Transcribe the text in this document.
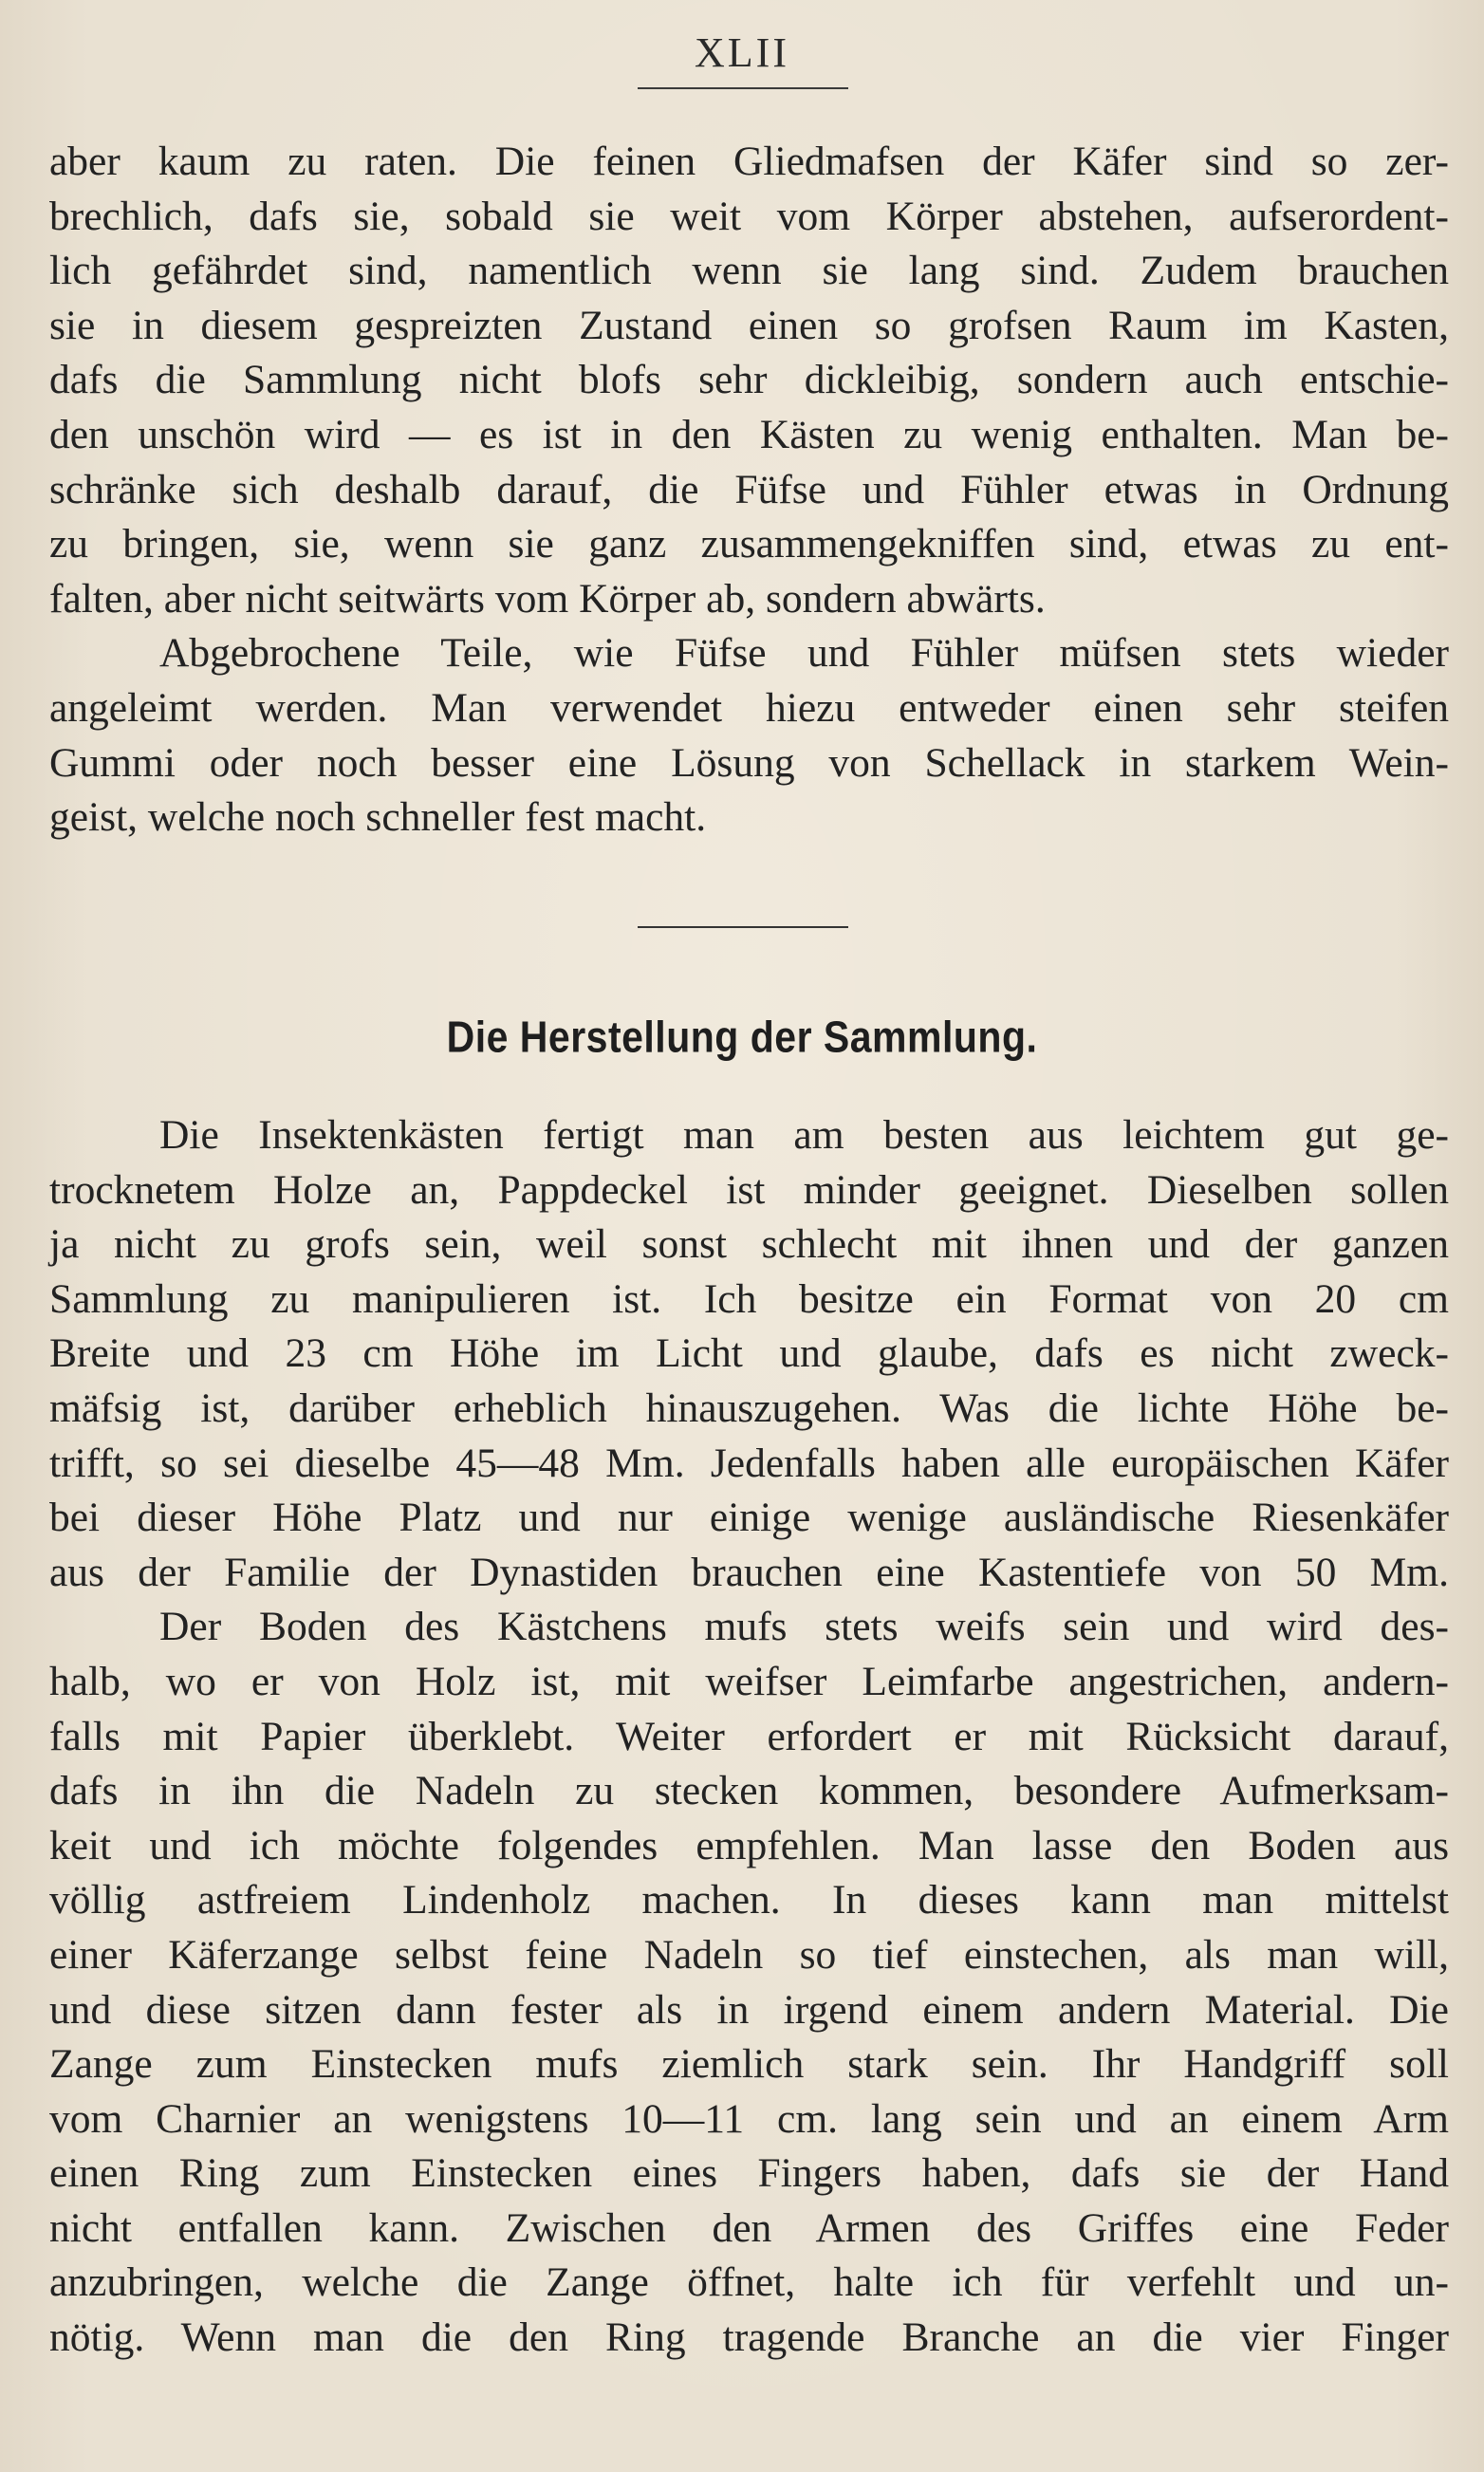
XLII
aber kaum zu raten. Die feinen Gliedmafsen der Käfer sind so zer-
brechlich, dafs sie, sobald sie weit vom Körper abstehen, aufserordent-
lich gefährdet sind, namentlich wenn sie lang sind. Zudem brauchen
sie in diesem gespreizten Zustand einen so grofsen Raum im Kasten,
dafs die Sammlung nicht blofs sehr dickleibig, sondern auch entschie-
den unschön wird — es ist in den Kästen zu wenig enthalten. Man be-
schränke sich deshalb darauf, die Füfse und Fühler etwas in Ordnung
zu bringen, sie, wenn sie ganz zusammengekniffen sind, etwas zu ent-
falten, aber nicht seitwärts vom Körper ab, sondern abwärts.
Abgebrochene Teile, wie Füfse und Fühler müfsen stets wieder
angeleimt werden. Man verwendet hiezu entweder einen sehr steifen
Gummi oder noch besser eine Lösung von Schellack in starkem Wein-
geist, welche noch schneller fest macht.
Die Herstellung der Sammlung.
Die Insektenkästen fertigt man am besten aus leichtem gut ge-
trocknetem Holze an, Pappdeckel ist minder geeignet. Dieselben sollen
ja nicht zu grofs sein, weil sonst schlecht mit ihnen und der ganzen
Sammlung zu manipulieren ist. Ich besitze ein Format von 20 cm
Breite und 23 cm Höhe im Licht und glaube, dafs es nicht zweck-
mäfsig ist, darüber erheblich hinauszugehen. Was die lichte Höhe be-
trifft, so sei dieselbe 45—48 Mm. Jedenfalls haben alle europäischen Käfer
bei dieser Höhe Platz und nur einige wenige ausländische Riesenkäfer
aus der Familie der Dynastiden brauchen eine Kastentiefe von 50 Mm.
Der Boden des Kästchens mufs stets weifs sein und wird des-
halb, wo er von Holz ist, mit weifser Leimfarbe angestrichen, andern-
falls mit Papier überklebt. Weiter erfordert er mit Rücksicht darauf,
dafs in ihn die Nadeln zu stecken kommen, besondere Aufmerksam-
keit und ich möchte folgendes empfehlen. Man lasse den Boden aus
völlig astfreiem Lindenholz machen. In dieses kann man mittelst
einer Käferzange selbst feine Nadeln so tief einstechen, als man will,
und diese sitzen dann fester als in irgend einem andern Material. Die
Zange zum Einstecken mufs ziemlich stark sein. Ihr Handgriff soll
vom Charnier an wenigstens 10—11 cm. lang sein und an einem Arm
einen Ring zum Einstecken eines Fingers haben, dafs sie der Hand
nicht entfallen kann. Zwischen den Armen des Griffes eine Feder
anzubringen, welche die Zange öffnet, halte ich für verfehlt und un-
nötig. Wenn man die den Ring tragende Branche an die vier Finger
